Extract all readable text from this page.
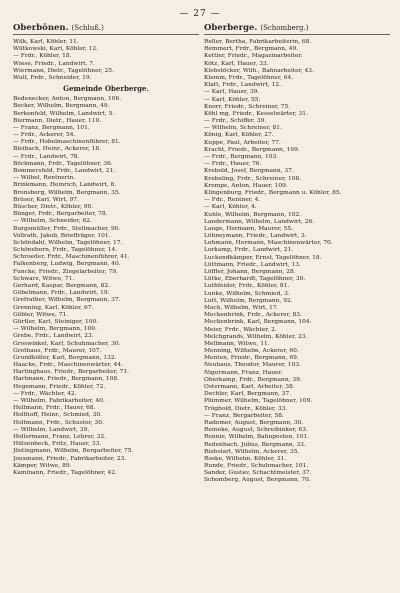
— 27 —
Oberbönen. (Schluß.)
Wilk, Karl, Köhler, 11.
Wiltkowski, Karl, Köhler, 12.
— Frdr., Köhler, 18.
Wiese, Friedr., Landwirt, 7.
Wiermann, Dietr., Tagelöhner, 25.
Wulf, Frdr., Schneider, 19.
Gemeinde Oberberge.
Bedenecker, Anton, Bergmann, 106.
Becker, Wilhelm, Bergmann, 49.
Berkenfeld, Wilhelm, Landwirt, 5.
Biermann, Dietr., Hauer, 110.
— Franz, Bergmann, 101.
— Frdr., Ackerer, 54.
— Frdr., Hobelmaschinenführer, 81.
Bleibach, Heinr., Ackerer, 18.
— Frdr., Landwirt, 78.
Böckmann, Frdr., Tagelöhner, 36.
Bommersfeld, Frdr., Landwirt, 21.
— Wilhel, Rentnerin.
Brinkmann, Heinrich, Landwirt, 8.
Bronsberg, Wilhelm, Bergmann, 35.
Brüser, Karl, Wirt, 97.
Büscher, Dietr., Köhler, 90.
Bünger, Frdr., Bergarbeiter, 78.
— Wilhelm, Schneider, 62.
Burgsmüller, Frdr., Stellmacher, 90.
Vollrath, Jakob, Briefträger, 101.
Schöndahl, Wilhelm, Tagelöhner, 17.
Schöneborn, Frdr., Tagelöhner, 14.
Schroeder, Frdr., Maschinenführer, 41.
Falkenberg, Ludwig, Bergmann, 40.
Funcke, Friedr., Ziegelarbeiter, 79.
Schwarz, Witwe, 71.
Gerhard, Kaspar, Bergmann, 82.
Göbelmann, Frdr., Landwirt, 19.
Grefrather, Wilhelm, Bergmann, 37.
Grenning, Karl, Köhler, 67.
Göbler, Witwe, 71.
Gürtler, Karl, Steiniger, 100.
— Wilhelm, Bergmann, 100.
Grebe, Frdr., Landwirt, 23.
Groswinkel, Karl, Schuhmacher, 30.
Grothaus, Frdr., Maurer, 107.
Grundköller, Karl, Bergmann, 132.
Haacke, Frdr., Maschinenwärter, 44.
Hartinghaus, Friedr., Bergarbeiter, 71.
Hartmann, Friedr., Bergmann, 108.
Hegemann, Friedr., Köhler, 72.
— Frdr., Wächter, 42.
— Wilhelm, Fabrikarbeiter, 40.
Hellmann, Frdr., Hauer, 68.
Holthoff, Heinr., Schmied, 30.
Holtmann, Frdr., Schuster, 30.
— Wilhelm, Landwirt, 39.
Hollermann, Franz, Lehrer, 32.
Hülsenbeck, Fritz, Hauer, 33.
Jöstingmann, Wilhelm, Bergarbeiter, 75.
Jouxmann, Friedr., Fabrikarbeiter, 23.
Kämper, Witwe, 89.
Kaminann, Friedr., Tagelöhner, 42.
Oberberge. (Schomberg.)
Reller, Bertha, Fabrikarbeiterin, 68.
Remmert, Frdr., Bergmann, 49.
Kettler, Friedr., Magazinarbeiter.
Kötz, Karl, Hauer, 33.
Klebstöcker, Wilh., Bahnarbeiter, 43.
Klemm, Frdr., Tagelöhner, 64.
Klatt, Frdr., Landwirt, 12.
— Karl, Hauer, 39.
— Karl, Köhler, 55.
Knorr, Friedr., Schreiner, 75.
Köhl mg, Friedr., Kesselwärter, 31.
— Frdr., Schiffer, 39.
— Wilhelm, Schreiner, 81.
König, Karl, Köhler, 27.
Kuppe, Paul, Arbeiter, 77.
Kracht, Friedr., Bergmann, 109.
— Frdr., Bergmann, 103.
— Frdr., Hauer, 76.
Krebold, Josef, Bergmann, 37.
Krebeling, Frdr., Schreiner, 108.
Krempe, Anton, Hauer, 109.
Klingenburg, Friedr., Bergmann u. Köhler, 85.
— Fdr., Rentner, 4.
— Karl, Köhler, 4.
Kuhle, Wilhelm, Bergmann, 102.
Landermann, Wilhelm, Landwirt, 26.
Lange, Hermann, Maurer, 55.
Löhneymann, Friedr., Landwirt, 3.
Lohmann, Hermann, Maschinenwärter, 70.
Lorkamp, Frdr., Landwirt, 21.
Luckendkämper, Ernst, Tagelöhner, 18.
Lüttmann, Friedr., Landwirt, 13.
Löffler, Johann, Bergmann, 28.
Lütke, Eberhardt, Tagelöhner, 30.
Luthfeider, Frdr., Köhler, 81.
Lunke, Wilhelm, Schmied, 3.
Lutt, Wilhelm, Bergmann, 92.
Mack, Wilhelm, Wirt, 17.
Meckenbrink, Frdr., Ackerer, 83.
Meckenbrink, Karl, Bergmann, 104.
Meier, Frdr., Wächter, 2.
Melchgrands, Wilhelm, Köhler, 23.
Mellmann, Witwe, 11.
Menning, Wilhelm, Ackerer, 60.
Menten, Friedr., Bergmann, 69.
Neuhaus, Theodor, Maurer, 103.
Nigermann, Franz, Hauer.
Oberkamp, Frdr., Bergmann, 39.
Ostermann, Karl, Arbeiter, 38.
Dechler, Karl, Bergmann, 37.
Plümmer, Wilhelm, Tagelöhner, 109.
Trögbold, Dietr., Köhler, 33.
— Franz, Bergarbeiter, 58.
Rademer, August, Bergmann, 30.
Reineke, August, Schreibinker, 63.
Rennie, Wilhelm, Bahnposten, 101.
Redenbach, Julius, Bergmann, 33.
Riebslart, Wilhelm, Ackerer, 35.
Roske, Wilhelm, Köhler, 31.
Runde, Friedr., Schuhmacher, 101.
Sander, Gustav, Schachtmeister, 37.
Schomberg, August, Bergmann, 70.
